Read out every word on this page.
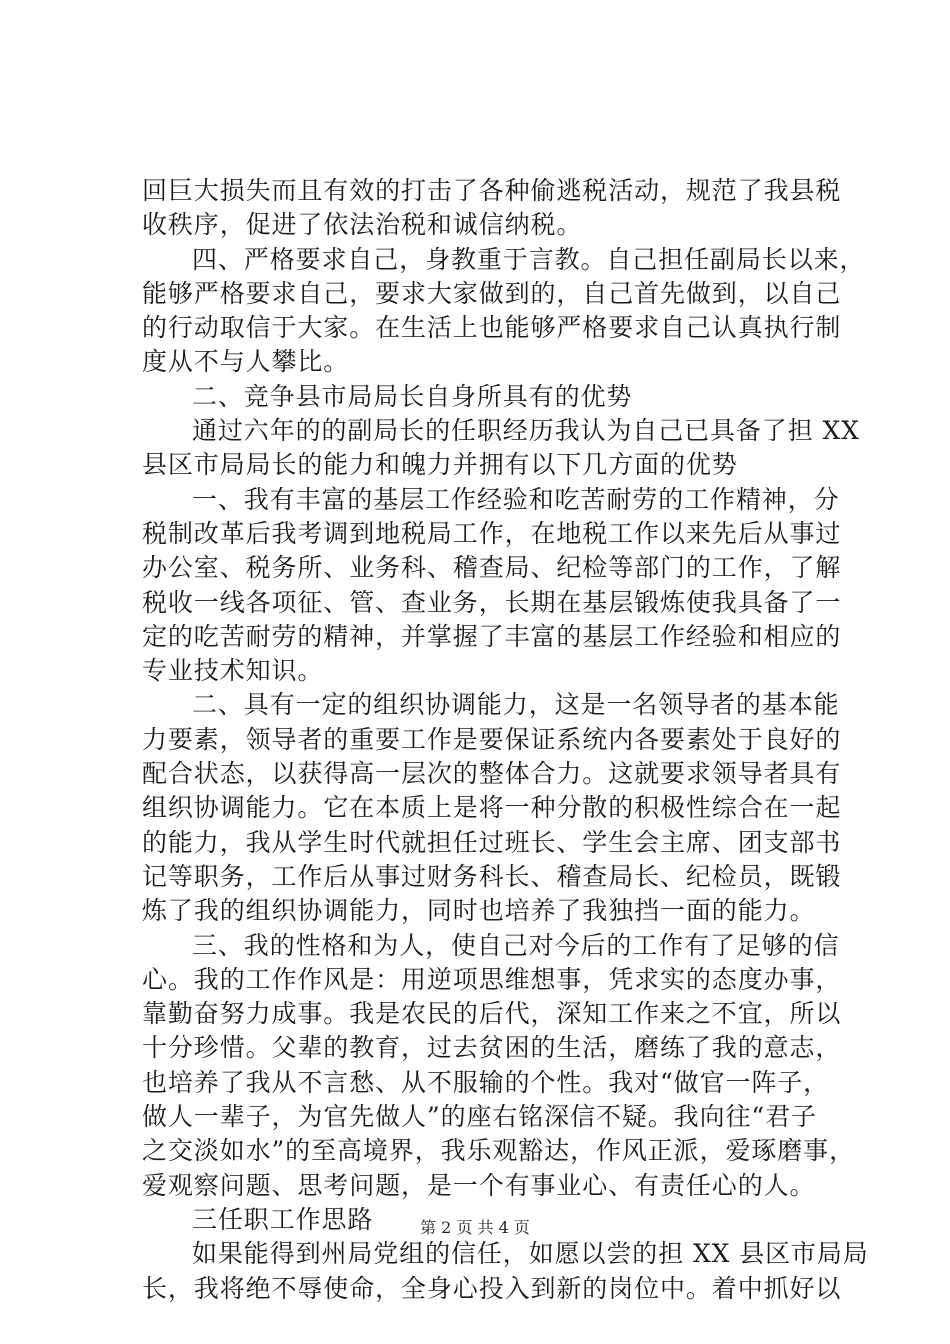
回巨大损失而且有效的打击了各种偷逃税活动，规范了我县税
收秩序，促进了依法治税和诚信纳税。
四、严格要求自己，身教重于言教。自己担任副局长以来，
能够严格要求自己，要求大家做到的，自己首先做到，以自己
的行动取信于大家。在生活上也能够严格要求自己认真执行制
度从不与人攀比。
二、竞争县市局局长自身所具有的优势
通过六年的的副局长的任职经历我认为自己已具备了担 XX
县区市局局长的能力和魄力并拥有以下几方面的优势
一、我有丰富的基层工作经验和吃苦耐劳的工作精神，分
税制改革后我考调到地税局工作，在地税工作以来先后从事过
办公室、税务所、业务科、稽查局、纪检等部门的工作，了解
税收一线各项征、管、查业务，长期在基层锻炼使我具备了一
定的吃苦耐劳的精神，并掌握了丰富的基层工作经验和相应的
专业技术知识。
二、具有一定的组织协调能力，这是一名领导者的基本能
力要素，领导者的重要工作是要保证系统内各要素处于良好的
配合状态，以获得高一层次的整体合力。这就要求领导者具有
组织协调能力。它在本质上是将一种分散的积极性综合在一起
的能力，我从学生时代就担任过班长、学生会主席、团支部书
记等职务，工作后从事过财务科长、稽查局长、纪检员，既锻
炼了我的组织协调能力，同时也培养了我独挡一面的能力。
三、我的性格和为人，使自己对今后的工作有了足够的信
心。我的工作作风是：用逆项思维想事，凭求实的态度办事，
靠勤奋努力成事。我是农民的后代，深知工作来之不宜，所以
十分珍惜。父辈的教育，过去贫困的生活，磨练了我的意志，
也培养了我从不言愁、从不服输的个性。我对“做官一阵子，
做人一辈子，为官先做人”的座右铭深信不疑。我向往“君子
之交淡如水”的至高境界，我乐观豁达，作风正派，爱琢磨事，
爱观察问题、思考问题，是一个有事业心、有责任心的人。
三任职工作思路
如果能得到州局党组的信任，如愿以尝的担 XX 县区市局局
长，我将绝不辱使命，全身心投入到新的岗位中。着中抓好以
第 2 页 共 4 页
